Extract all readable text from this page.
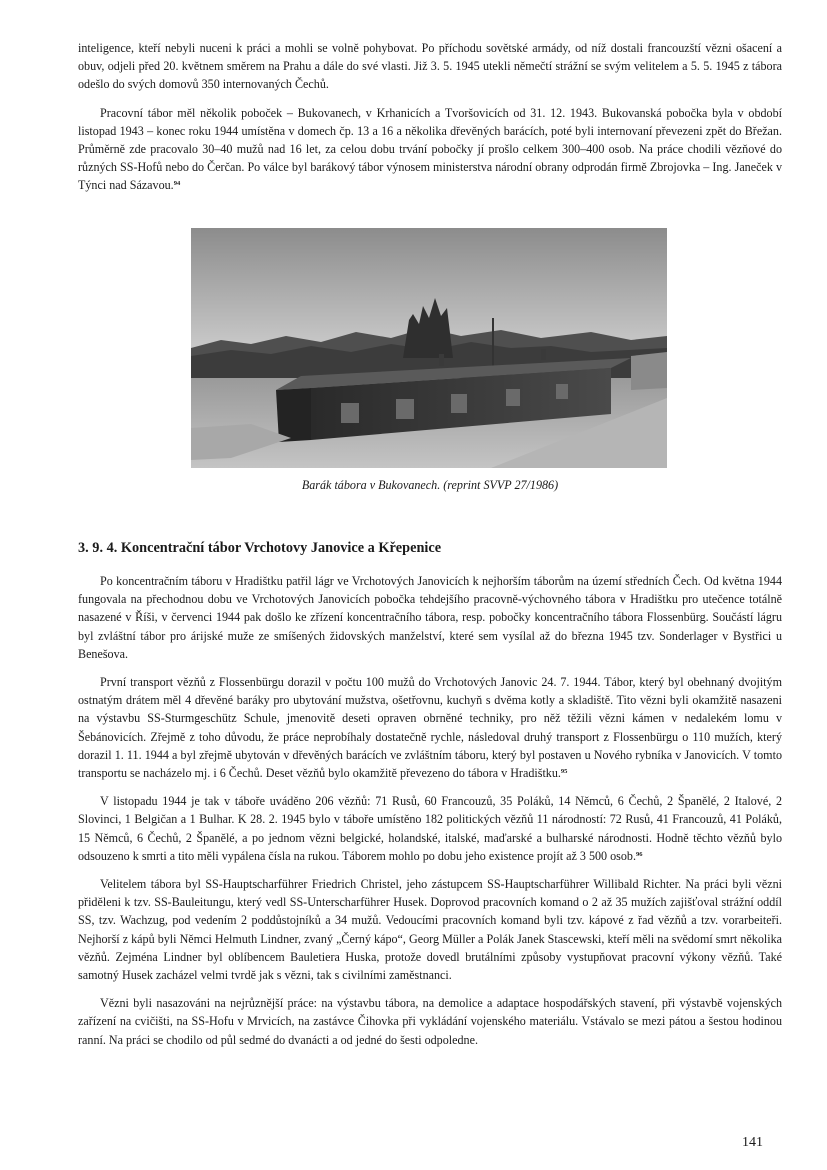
inteligence, kteří nebyli nuceni k práci a mohli se volně pohybovat. Po příchodu sovětské armády, od níž dostali francouzští vězni ošacení a obuv, odjeli před 20. květnem směrem na Prahu a dále do své vlasti. Již 3. 5. 1945 utekli němečtí strážní se svým velitelem a 5. 5. 1945 z tábora odešlo do svých domovů 350 internovaných Čechů.

Pracovní tábor měl několik poboček – Bukovanech, v Krhanicích a Tvoršovicích od 31. 12. 1943. Bukovanská pobočka byla v období listopad 1943 – konec roku 1944 umístěna v domech čp. 13 a 16 a několika dřevěných barácích, poté byli internovaní převezeni zpět do Břežan. Průměrně zde pracovalo 30–40 mužů nad 16 let, za celou dobu trvání pobočky jí prošlo celkem 300–400 osob. Na práce chodili vězňové do různých SS-Hofů nebo do Čerčan. Po válce byl barákový tábor výnosem ministerstva národní obrany odprodán firmě Zbrojovka – Ing. Janeček v Týnci nad Sázavou.$^{94}$

Barák tábora v Bukovanech. (reprint SVVP 27/1986)
3. 9. 4. Koncentrační tábor Vrchotovy Janovice a Křepenice

Po koncentračním táboru v Hradištku patřil lágr ve Vrchotových Janovicích k nejhorším táborům na území středních Čech. Od května 1944 fungovala na přechodnou dobu ve Vrchotových Janovicích pobočka tehdejšího pracovně-výchovného tábora v Hradištku pro utečence totálně nasazené v Říši, v červenci 1944 pak došlo ke zřízení koncentračního tábora, resp. pobočky koncentračního tábora Flossenbürg. Součástí lágru byl zvláštní tábor pro árijské muže ze smíšených židovských manželství, které sem vysílal až do března 1945 tzv. Sonderlager v Bystřici u Benešova.

První transport vězňů z Flossenbürgu dorazil v počtu 100 mužů do Vrchotových Janovic 24. 7. 1944. Tábor, který byl obehnaný dvojitým ostnatým drátem měl 4 dřevěné baráky pro ubytování mužstva, ošetřovnu, kuchyň s dvěma kotly a skladiště. Tito vězni byli okamžitě nasazeni na výstavbu SS-Sturmgeschütz Schule, jmenovitě deseti opraven obrněné techniky, pro něž těžili vězni kámen v nedalekém lomu v Šebánovicích. Zřejmě z toho důvodu, že práce neprobíhaly dostatečně rychle, následoval druhý transport z Flossenbürgu o 110 mužích, který dorazil 1. 11. 1944 a byl zřejmě ubytován v dřevěných barácích ve zvláštním táboru, který byl postaven u Nového rybníka v Janovicích. V tomto transportu se nacházelo mj. i 6 Čechů. Deset vězňů bylo okamžitě převezeno do tábora v Hradištku.$^{95}$

V listopadu 1944 je tak v táboře uváděno 206 vězňů: 71 Rusů, 60 Francouzů, 35 Poláků, 14 Němců, 6 Čechů, 2 Španělé, 2 Italové, 2 Slovinci, 1 Belgičan a 1 Bulhar. K 28. 2. 1945 bylo v táboře umístěno 182 politických vězňů 11 národností: 72 Rusů, 41 Francouzů, 41 Poláků, 15 Němců, 6 Čechů, 2 Španělé, a po jednom vězni belgické, holandské, italské, maďarské a bulharské národnosti. Hodně těchto vězňů bylo odsouzeno k smrti a tito měli vypálena čísla na rukou. Táborem mohlo po dobu jeho existence projít až 3 500 osob.$^{96}$

Velitelem tábora byl SS-Hauptscharführer Friedrich Christel, jeho zástupcem SS-Hauptscharführer Willibald Richter. Na práci byli vězni přiděleni k tzv. SS-Bauleitungu, který vedl SS-Unterscharführer Husek. Doprovod pracovních komand o 2 až 35 mužích zajišťoval strážní oddíl SS, tzv. Wachzug, pod vedením 2 poddůstojníků a 34 mužů. Vedoucími pracovních komand byli tzv. kápové z řad vězňů a tzv. vorarbeiteři. Nejhorší z kápů byli Němci Helmuth Lindner, zvaný „Černý kápo“, Georg Müller a Polák Janek Stascewski, kteří měli na svědomí smrt několika vězňů. Zejména Lindner byl oblíbencem Bauletiera Huska, protože dovedl brutálními způsoby vystupňovat pracovní výkony vězňů. Také samotný Husek zacházel velmi tvrdě jak s vězni, tak s civilními zaměstnanci.

Vězni byli nasazováni na nejrůznější práce: na výstavbu tábora, na demolice a adaptace hospodářských stavení, při výstavbě vojenských zařízení na cvičišti, na SS-Hofu v Mrvicích, na zastávce Čihovka při vykládání vojenského materiálu. Vstávalo se mezi pátou a šestou hodinou ranní. Na práci se chodilo od půl sedmé do dvanácti a od jedné do šesti odpoledne.

141
